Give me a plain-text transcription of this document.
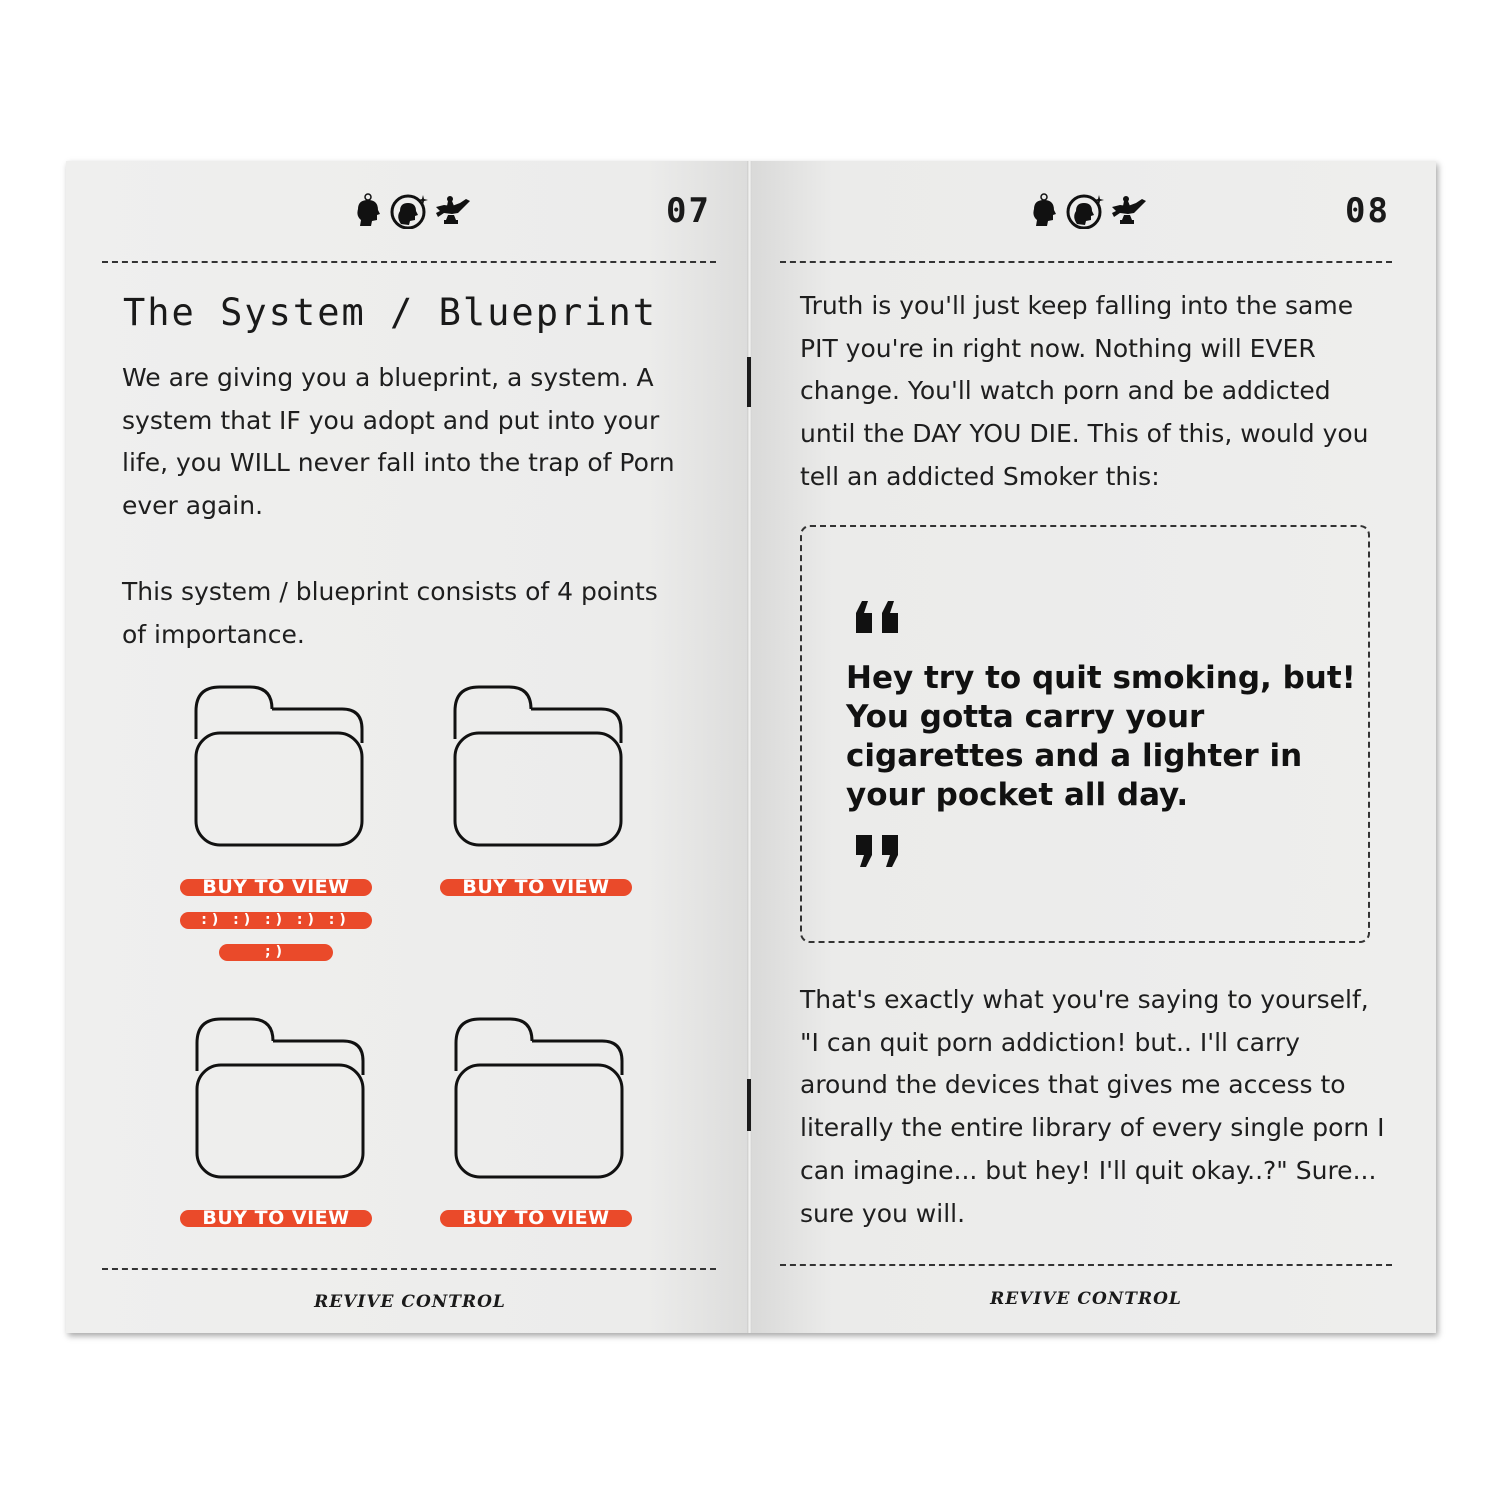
07
The System / Blueprint
We are giving you a blueprint, a system. A system that IF you adopt and put into your life, you WILL never fall into the trap of Porn ever again.
This system / blueprint consists of 4 points of importance.
BUY TO VIEW
:) :) :) :) :)
;)
BUY TO VIEW
BUY TO VIEW	BUY TO VIEW
REVIVE CONTROL
08
Truth is you'll just keep falling into the same PIT you're in right now. Nothing will EVER change. You'll watch porn and be addicted until the DAY YOU DIE. This of this, would you tell an addicted Smoker this:
REVIVE CONTROL
That's exactly what you're saying to yourself, "I can quit porn addiction! but.. I'll carry around the devices that gives me access to literally the entire library of every single porn I can imagine... but hey! I'll quit okay..?" Sure... sure you will.
Hey try to quit smoking, but! You gotta carry your cigarettes and a lighter in your pocket all day.
